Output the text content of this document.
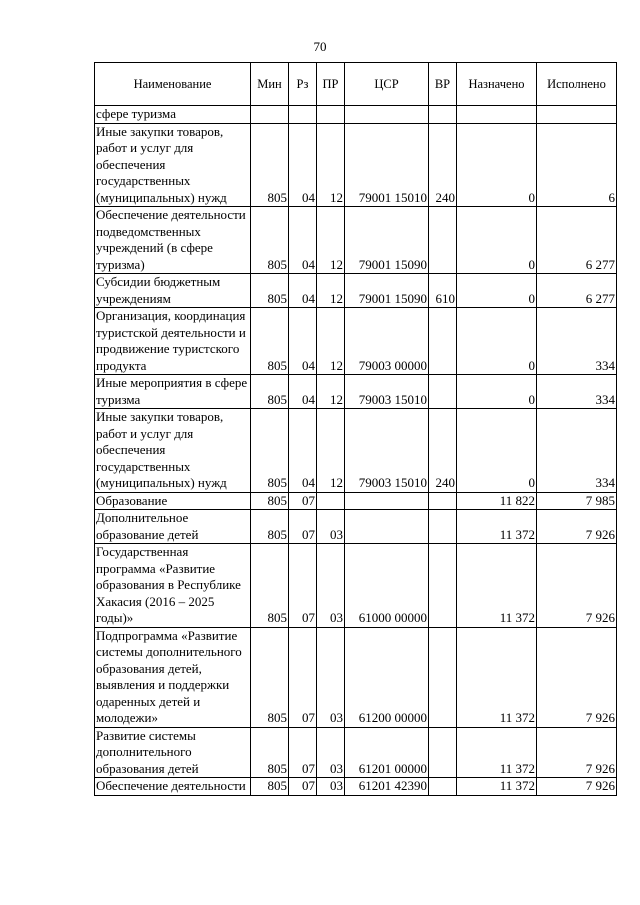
70
Наименование	Мин	Рз	ПР	ЦСР	ВР	Назначено	Исполнено
сфере туризма							
Иные закупки товаров, работ и услуг для обеспечения государственных (муниципальных) нужд	805	04	12	79001 15010	240	0	6
Обеспечение деятельности подведомственных учреждений (в сфере туризма)	805	04	12	79001 15090		0	6 277
Субсидии бюджетным учреждениям	805	04	12	79001 15090	610	0	6 277
Организация, координация туристской деятельности и продвижение туристского продукта	805	04	12	79003 00000		0	334
Иные мероприятия в сфере туризма	805	04	12	79003 15010		0	334
Иные закупки товаров, работ и услуг для обеспечения государственных (муниципальных) нужд	805	04	12	79003 15010	240	0	334
Образование	805	07				11 822	7 985
Дополнительное образование детей	805	07	03			11 372	7 926
Государственная программа «Развитие образования в Республике Хакасия (2016 – 2025 годы)»	805	07	03	61000 00000		11 372	7 926
Подпрограмма «Развитие системы дополнительного образования детей, выявления и поддержки одаренных детей и молодежи»	805	07	03	61200 00000		11 372	7 926
Развитие системы дополнительного образования детей	805	07	03	61201 00000		11 372	7 926
Обеспечение деятельности	805	07	03	61201 42390		11 372	7 926
